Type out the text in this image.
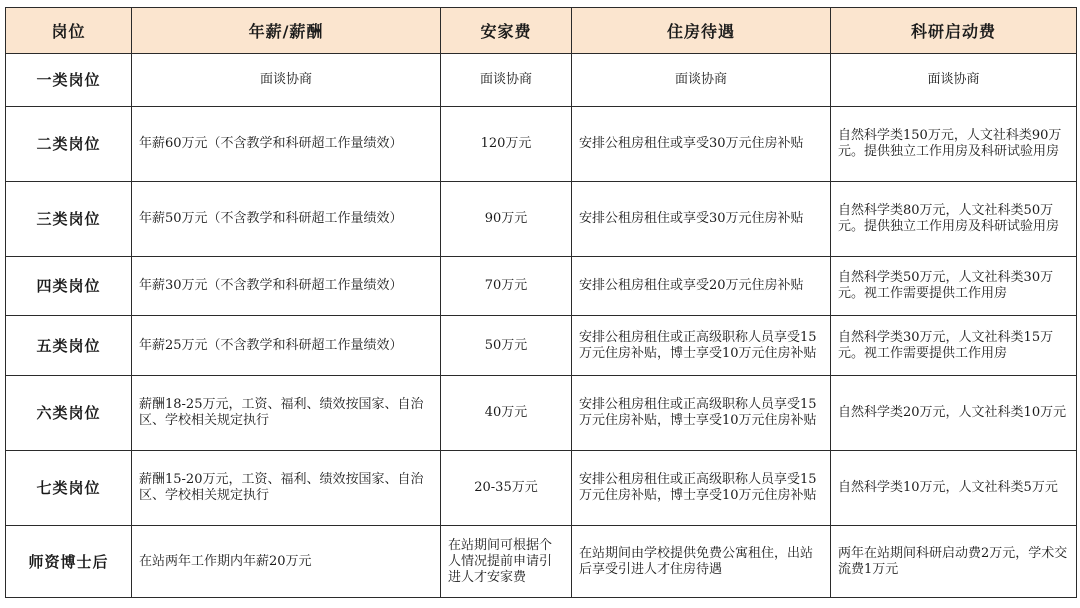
岗位	年薪/薪酬	安家费	住房待遇	科研启动费
一类岗位	面谈协商	面谈协商	面谈协商	面谈协商
二类岗位	年薪60万元（不含教学和科研超工作量绩效）	120万元	安排公租房租住或享受30万元住房补贴	自然科学类150万元，人文社科类90万元。提供独立工作用房及科研试验用房
三类岗位	年薪50万元（不含教学和科研超工作量绩效）	90万元	安排公租房租住或享受30万元住房补贴	自然科学类80万元，人文社科类50万元。提供独立工作用房及科研试验用房
四类岗位	年薪30万元（不含教学和科研超工作量绩效）	70万元	安排公租房租住或享受20万元住房补贴	自然科学类50万元，人文社科类30万元。视工作需要提供工作用房
五类岗位	年薪25万元（不含教学和科研超工作量绩效）	50万元	安排公租房租住或正高级职称人员享受15万元住房补贴，博士享受10万元住房补贴	自然科学类30万元，人文社科类15万元。视工作需要提供工作用房
六类岗位	薪酬18-25万元，工资、福利、绩效按国家、自治区、学校相关规定执行	40万元	安排公租房租住或正高级职称人员享受15万元住房补贴，博士享受10万元住房补贴	自然科学类20万元，人文社科类10万元
七类岗位	薪酬15-20万元，工资、福利、绩效按国家、自治区、学校相关规定执行	20-35万元	安排公租房租住或正高级职称人员享受15万元住房补贴，博士享受10万元住房补贴	自然科学类10万元，人文社科类5万元
师资博士后	在站两年工作期内年薪20万元	在站期间可根据个人情况提前申请引进人才安家费	在站期间由学校提供免费公寓租住，出站后享受引进人才住房待遇	两年在站期间科研启动费2万元，学术交流费1万元
